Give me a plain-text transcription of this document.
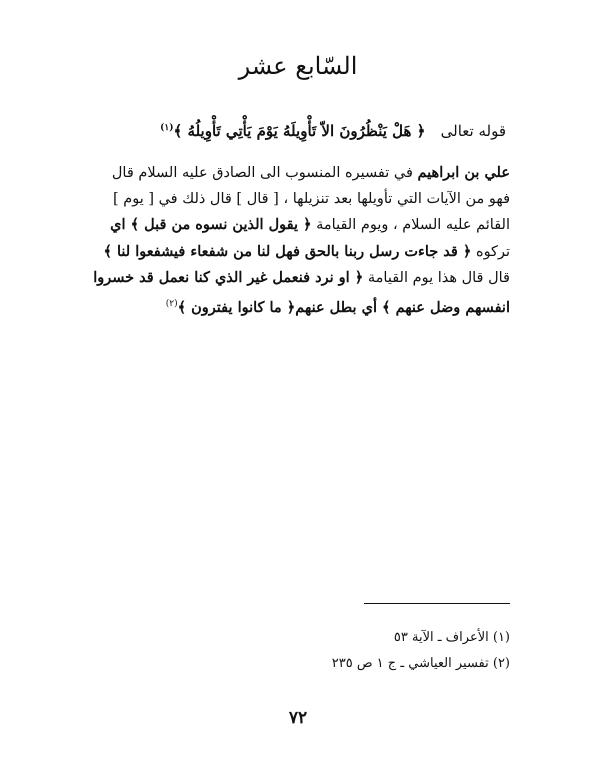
السّابع عشر
قوله تعالى ﴿ هَلْ يَنْظُرُونَ الاّ تَأْوِيلَهُ يَوْمَ يَأْتِي تَأْوِيلُهُ ﴾$^{(١)}$

علي بن ابراهيم في تفسيره المنسوب الى الصادق عليه السلام قال

فهو من الآيات التي تأويلها بعد تنزيلها ، [ قال ] قال ذلك في [ يوم ]

القائم عليه السلام ، ويوم القيامة ﴿ يقول الذين نسوه من قبل ﴾ اي

تركوه ﴿ قد جاءت رسل ربنا بالحق فهل لنا من شفعاء فيشفعوا لنا ﴾

قال قال هذا يوم القيامة ﴿ او نرد فنعمل غير الذي كنا نعمل قد خسروا

انفسهم وضل عنهم ﴾ أي بطل عنهم﴿ ما كانوا يفترون ﴾$^{(٢)}$

(١) الأعراف ـ الآية ٥٣
(٢) تفسير العياشي ـ ج ١ ص ٢٣٥
٧٢
